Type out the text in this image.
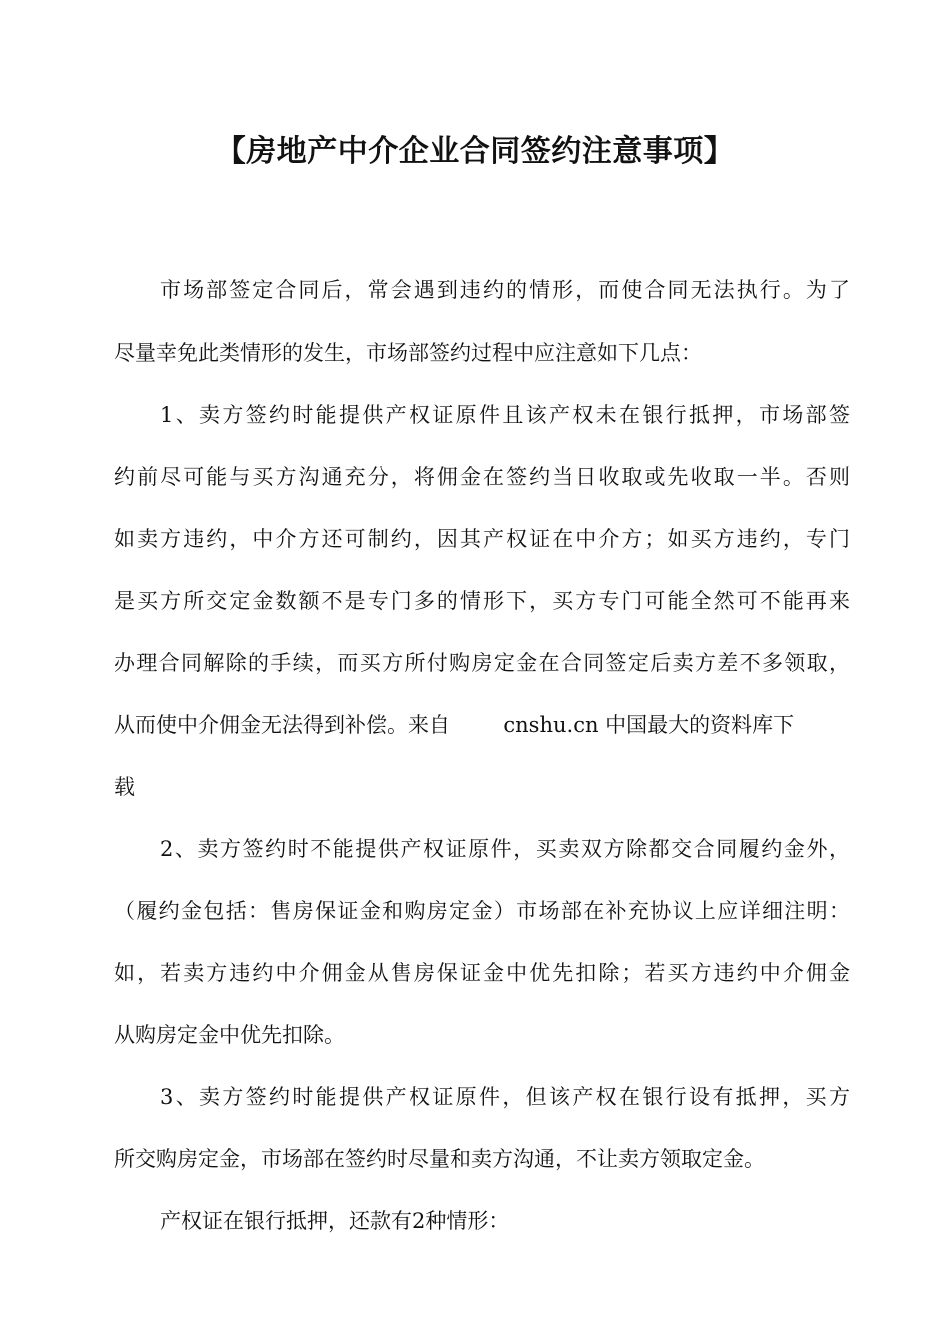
【房地产中介企业合同签约注意事项】
市场部签定合同后，常会遇到违约的情形，而使合同无法执行。为了
尽量幸免此类情形的发生，市场部签约过程中应注意如下几点：
1、卖方签约时能提供产权证原件且该产权未在银行抵押，市场部签
约前尽可能与买方沟通充分，将佣金在签约当日收取或先收取一半。否则
如卖方违约，中介方还可制约，因其产权证在中介方；如买方违约，专门
是买方所交定金数额不是专门多的情形下，买方专门可能全然可不能再来
办理合同解除的手续，而买方所付购房定金在合同签定后卖方差不多领取，
从而使中介佣金无法得到补偿。来自        cnshu.cn 中国最大的资料库下
载
2、卖方签约时不能提供产权证原件，买卖双方除都交合同履约金外，
（履约金包括：售房保证金和购房定金）市场部在补充协议上应详细注明：
如，若卖方违约中介佣金从售房保证金中优先扣除；若买方违约中介佣金
从购房定金中优先扣除。
3、卖方签约时能提供产权证原件，但该产权在银行设有抵押，买方
所交购房定金，市场部在签约时尽量和卖方沟通，不让卖方领取定金。
产权证在银行抵押，还款有2种情形：
